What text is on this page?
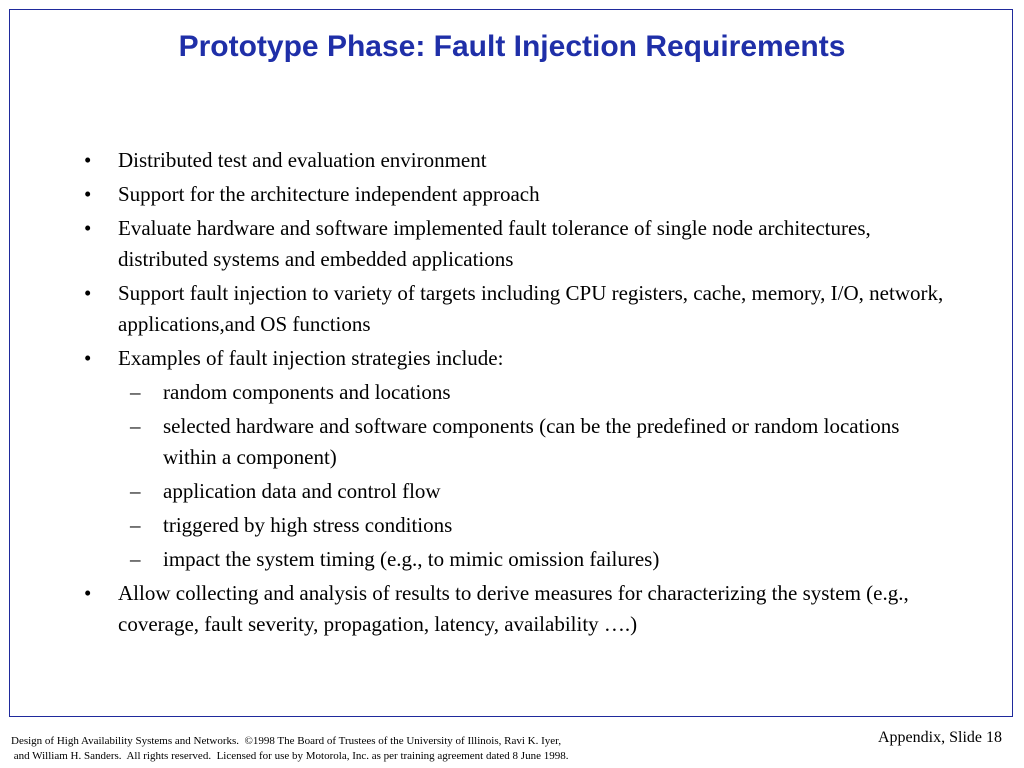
Prototype Phase: Fault Injection Requirements
• Distributed test and evaluation environment
• Support for the architecture independent approach
• Evaluate hardware and software implemented fault tolerance of single node architectures, distributed systems and embedded applications
• Support fault injection to variety of targets including CPU registers, cache, memory, I/O, network, applications,and OS functions
• Examples of fault injection strategies include:
– random components and locations
– selected hardware and software components (can be the predefined or random locations within a component)
– application data and control flow
– triggered by high stress conditions
– impact the system timing (e.g., to mimic omission failures)
• Allow collecting and analysis of results to derive measures for characterizing the system (e.g., coverage, fault severity, propagation, latency, availability ….)
Design of High Availability Systems and Networks.  ©1998 The Board of Trustees of the University of Illinois, Ravi K. Iyer,
and William H. Sanders.  All rights reserved.  Licensed for use by Motorola, Inc. as per training agreement dated 8 June 1998.
Appendix, Slide 18
